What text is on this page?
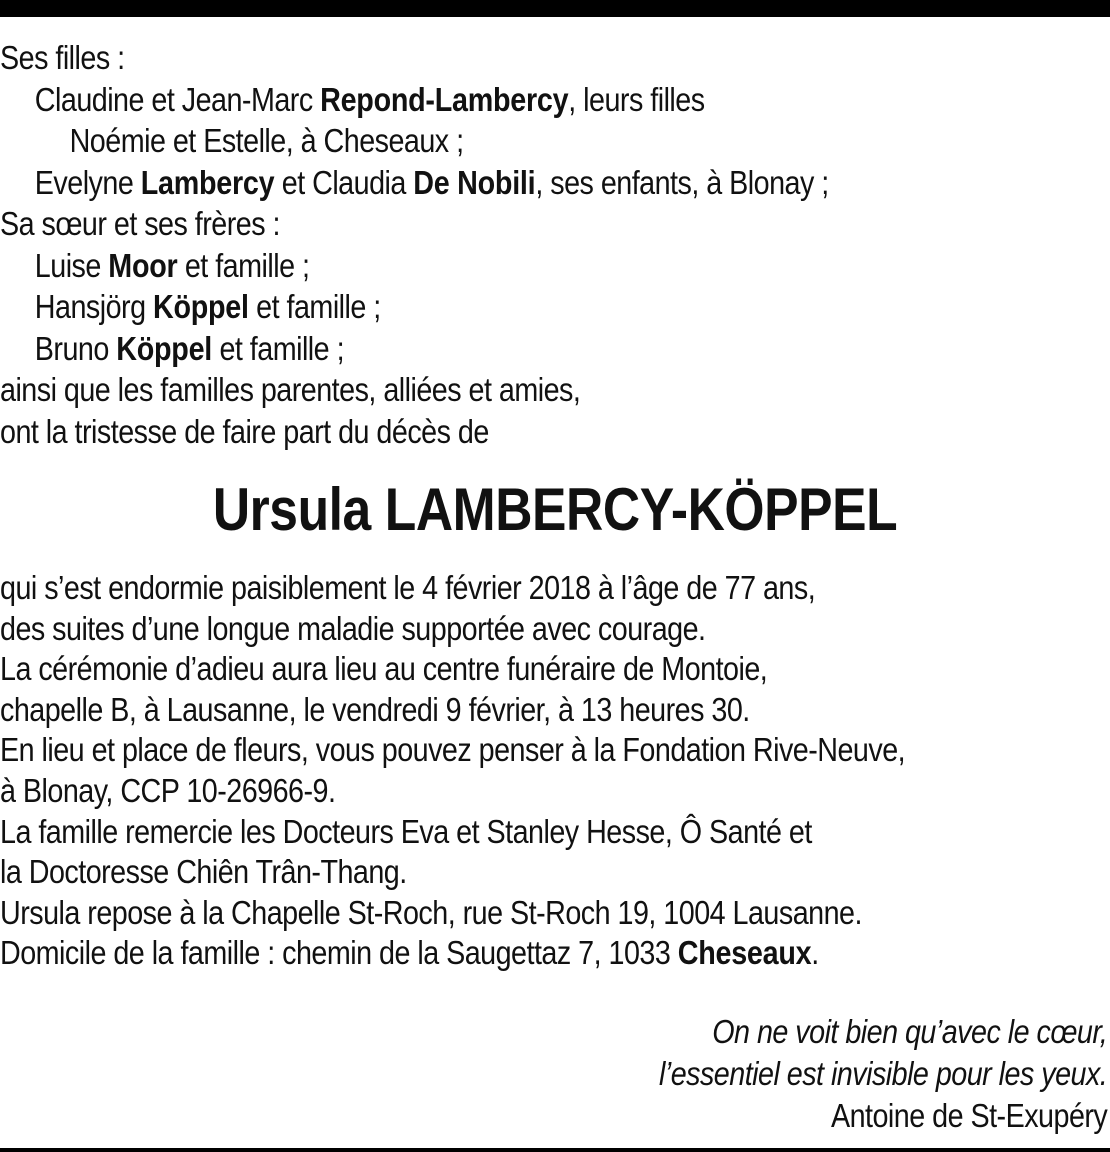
Ses filles :
Claudine et Jean-Marc Repond-Lambercy, leurs filles
Noémie et Estelle, à Cheseaux ;
Evelyne Lambercy et Claudia De Nobili, ses enfants, à Blonay ;
Sa sœur et ses frères :
Luise Moor et famille ;
Hansjörg Köppel et famille ;
Bruno Köppel et famille ;
ainsi que les familles parentes, alliées et amies,
ont la tristesse de faire part du décès de
Ursula LAMBERCY-KÖPPEL
qui s’est endormie paisiblement le 4 février 2018 à l’âge de 77 ans,
des suites d’une longue maladie supportée avec courage.
La cérémonie d’adieu aura lieu au centre funéraire de Montoie,
chapelle B, à Lausanne, le vendredi 9 février, à 13 heures 30.
En lieu et place de fleurs, vous pouvez penser à la Fondation Rive-Neuve,
à Blonay, CCP 10-26966-9.
La famille remercie les Docteurs Eva et Stanley Hesse, Ô Santé et
la Doctoresse Chiên Trân-Thang.
Ursula repose à la Chapelle St-Roch, rue St-Roch 19, 1004 Lausanne.
Domicile de la famille : chemin de la Saugettaz 7, 1033 Cheseaux.
On ne voit bien qu’avec le cœur,
l’essentiel est invisible pour les yeux.
Antoine de St-Exupéry
